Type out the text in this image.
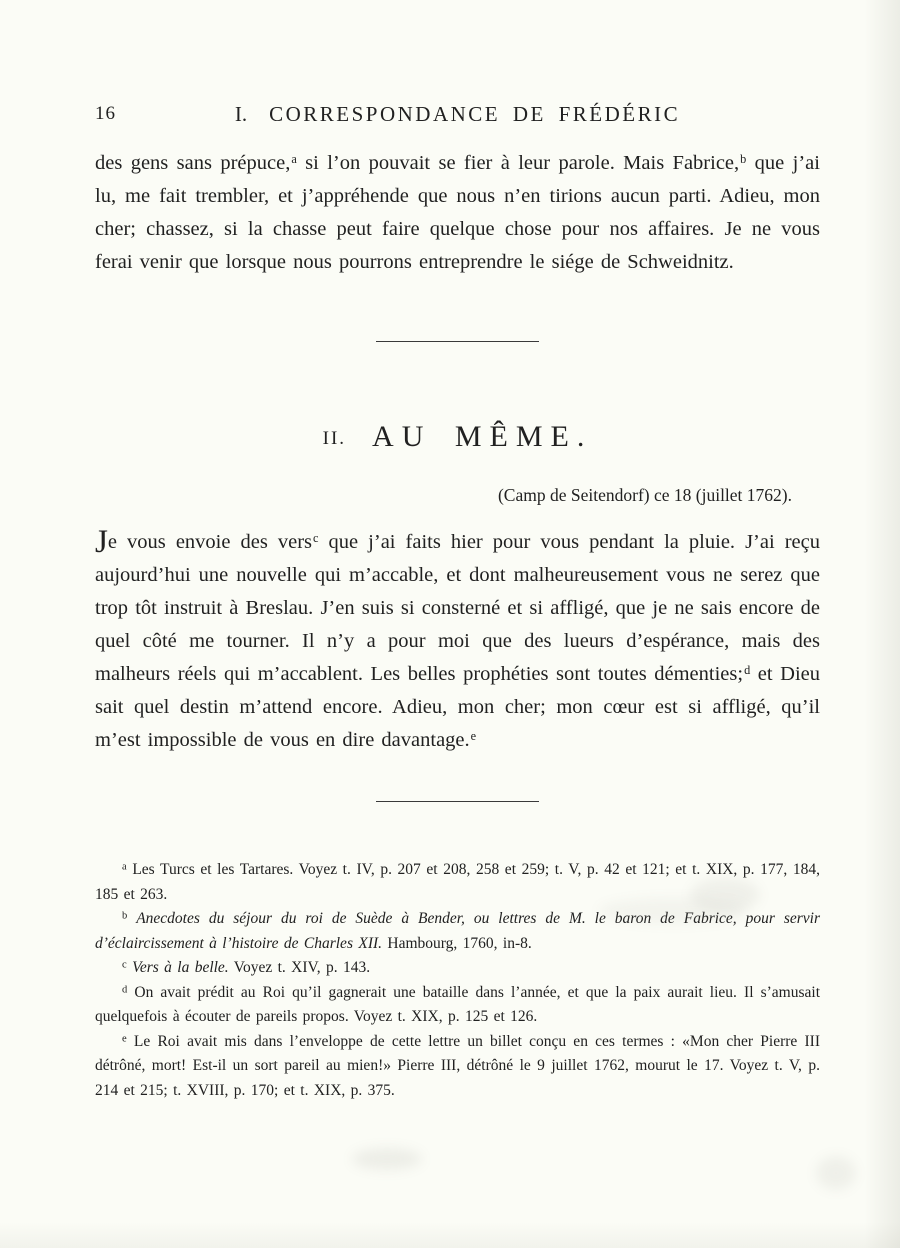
16	I. CORRESPONDANCE DE FRÉDÉRIC

des gens sans prépuce,$^a$ si l’on pouvait se fier à leur parole. Mais Fabrice,$^b$ que j’ai lu, me fait trembler, et j’appréhende que nous n’en tirions aucun parti. Adieu, mon cher; chassez, si la chasse peut faire quelque chose pour nos affaires. Je ne vous ferai venir que lorsque nous pourrons entreprendre le siége de Schweidnitz.

II. AU MÊME.

(Camp de Seitendorf) ce 18 (juillet 1762).

Je vous envoie des vers$^c$ que j’ai faits hier pour vous pendant la pluie. J’ai reçu aujourd’hui une nouvelle qui m’accable, et dont malheureusement vous ne serez que trop tôt instruit à Breslau. J’en suis si consterné et si affligé, que je ne sais encore de quel côté me tourner. Il n’y a pour moi que des lueurs d’espérance, mais des malheurs réels qui m’accablent. Les belles prophéties sont toutes démenties;$^d$ et Dieu sait quel destin m’attend encore. Adieu, mon cher; mon cœur est si affligé, qu’il m’est impossible de vous en dire davantage.$^e$

$^a$ Les Turcs et les Tartares. Voyez t. IV, p. 207 et 208, 258 et 259; t. V, p. 42 et 121; et t. XIX, p. 177, 184, 185 et 263.

$^b$ Anecdotes du séjour du roi de Suède à Bender, ou lettres de M. le baron de Fabrice, pour servir d’éclaircissement à l’histoire de Charles XII. Hambourg, 1760, in-8.

$^c$ Vers à la belle. Voyez t. XIV, p. 143.

$^d$ On avait prédit au Roi qu’il gagnerait une bataille dans l’année, et que la paix aurait lieu. Il s’amusait quelquefois à écouter de pareils propos. Voyez t. XIX, p. 125 et 126.

$^e$ Le Roi avait mis dans l’enveloppe de cette lettre un billet conçu en ces termes : «Mon cher Pierre III détrôné, mort! Est-il un sort pareil au mien!» Pierre III, détrôné le 9 juillet 1762, mourut le 17. Voyez t. V, p. 214 et 215; t. XVIII, p. 170; et t. XIX, p. 375.
